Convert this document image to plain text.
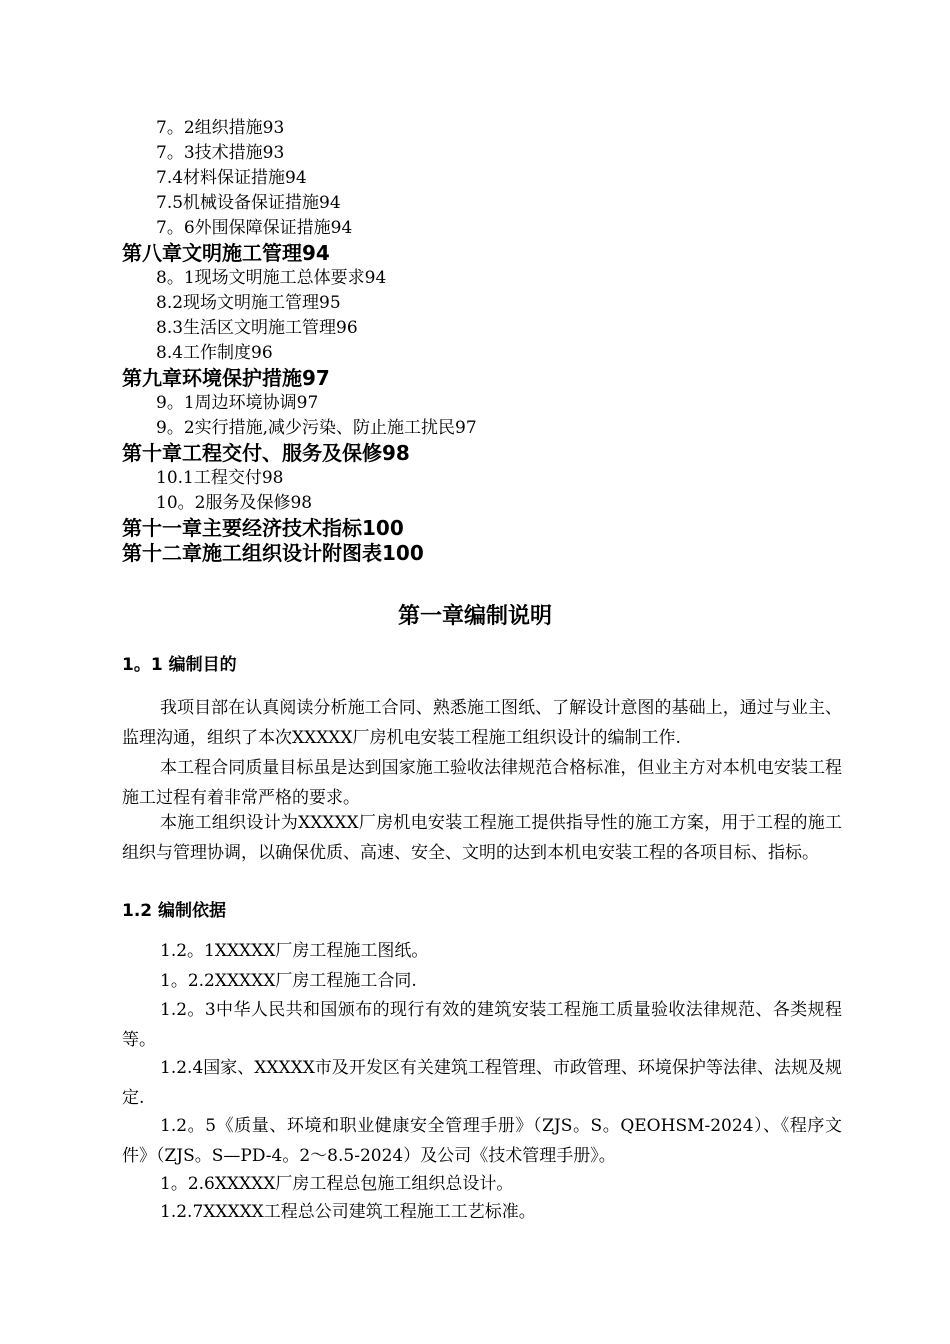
7。2组织措施93
7。3技术措施93
7.4材料保证措施94
7.5机械设备保证措施94
7。6外围保障保证措施94
第八章文明施工管理94
8。1现场文明施工总体要求94
8.2现场文明施工管理95
8.3生活区文明施工管理96
8.4工作制度96
第九章环境保护措施97
9。1周边环境协调97
9。2实行措施,减少污染、防止施工扰民97
第十章工程交付、服务及保修98
10.1工程交付98
10。2服务及保修98
第十一章主要经济技术指标100
第十二章施工组织设计附图表100
第一章编制说明
1。1 编制目的
我项目部在认真阅读分析施工合同、熟悉施工图纸、了解设计意图的基础上，通过与业主、监理沟通，组织了本次XXXXX厂房机电安装工程施工组织设计的编制工作.
本工程合同质量目标虽是达到国家施工验收法律规范合格标准，但业主方对本机电安装工程施工过程有着非常严格的要求。
本施工组织设计为XXXXX厂房机电安装工程施工提供指导性的施工方案，用于工程的施工组织与管理协调，以确保优质、高速、安全、文明的达到本机电安装工程的各项目标、指标。
1.2 编制依据
1.2。1XXXXX厂房工程施工图纸。
1。2.2XXXXX厂房工程施工合同.
1.2。3中华人民共和国颁布的现行有效的建筑安装工程施工质量验收法律规范、各类规程等。
1.2.4国家、XXXXX市及开发区有关建筑工程管理、市政管理、环境保护等法律、法规及规定.
1.2。5《质量、环境和职业健康安全管理手册》（ZJS。S。QEOHSM-2024）、《程序文件》（ZJS。S—PD-4。2～8.5-2024）及公司《技术管理手册》。
1。2.6XXXXX厂房工程总包施工组织总设计。
1.2.7XXXXX工程总公司建筑工程施工工艺标准。
